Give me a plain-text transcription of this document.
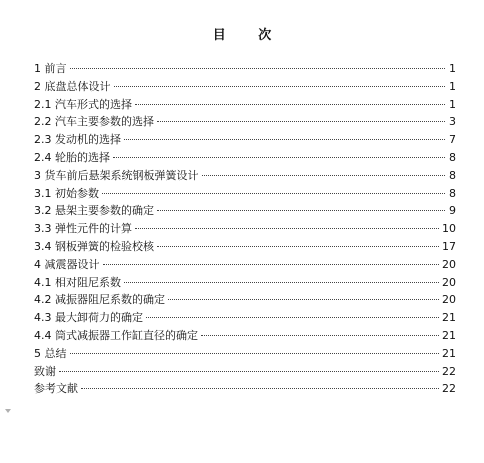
目 次
1 前言	1
2 底盘总体设计	1
2.1 汽车形式的选择	1
2.2 汽车主要参数的选择	3
2.3 发动机的选择	7
2.4 轮胎的选择	8
3 货车前后悬架系统钢板弹簧设计	8
3.1 初始参数	8
3.2 悬架主要参数的确定	9
3.3 弹性元件的计算	10
3.4 钢板弹簧的检验校核	17
4 减震器设计	20
4.1 相对阻尼系数	20
4.2 减振器阻尼系数的确定	20
4.3 最大卸荷力的确定	21
4.4 筒式减振器工作缸直径的确定	21
5 总结	21
致谢	22
参考文献	22
